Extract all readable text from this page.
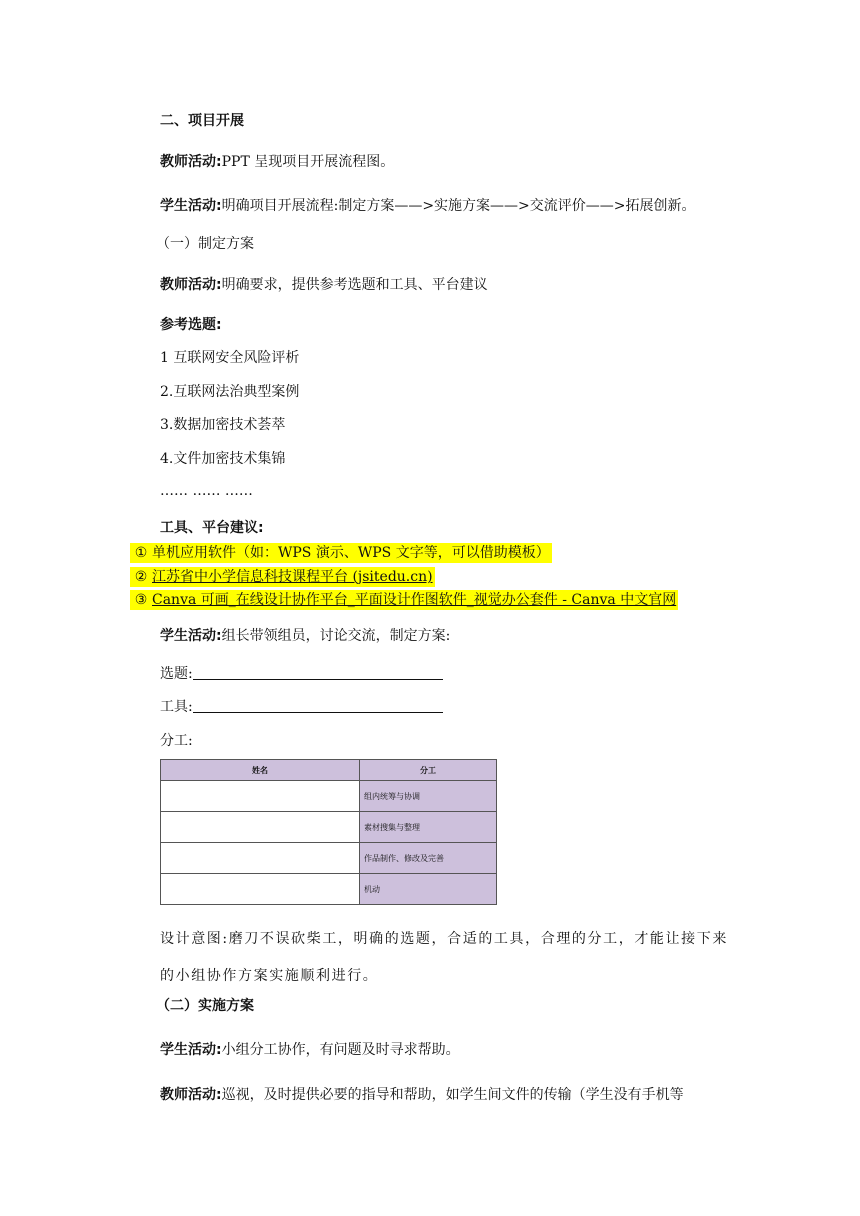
二、项目开展
教师活动:PPT 呈现项目开展流程图。
学生活动:明确项目开展流程:制定方案——>实施方案——>交流评价——>拓展创新。
（一）制定方案
教师活动:明确要求，提供参考选题和工具、平台建议
参考选题:
1 互联网安全风险评析
2.互联网法治典型案例
3.数据加密技术荟萃
4.文件加密技术集锦
…… …… ……
工具、平台建议:
① 单机应用软件（如：WPS 演示、WPS 文字等，可以借助模板）
② 江苏省中小学信息科技课程平台 (jsitedu.cn)
③ Canva 可画_在线设计协作平台_平面设计作图软件_视觉办公套件 - Canva 中文官网
学生活动:组长带领组员，讨论交流，制定方案:
选题:
工具:
分工:
姓名	分工
	组内统筹与协调
	素材搜集与整理
	作品制作、修改及完善
	机动
设计意图:磨刀不误砍柴工，明确的选题，合适的工具，合理的分工，才能让接下来的小组协作方案实施顺利进行。
（二）实施方案
学生活动:小组分工协作，有问题及时寻求帮助。
教师活动:巡视，及时提供必要的指导和帮助，如学生间文件的传输（学生没有手机等
